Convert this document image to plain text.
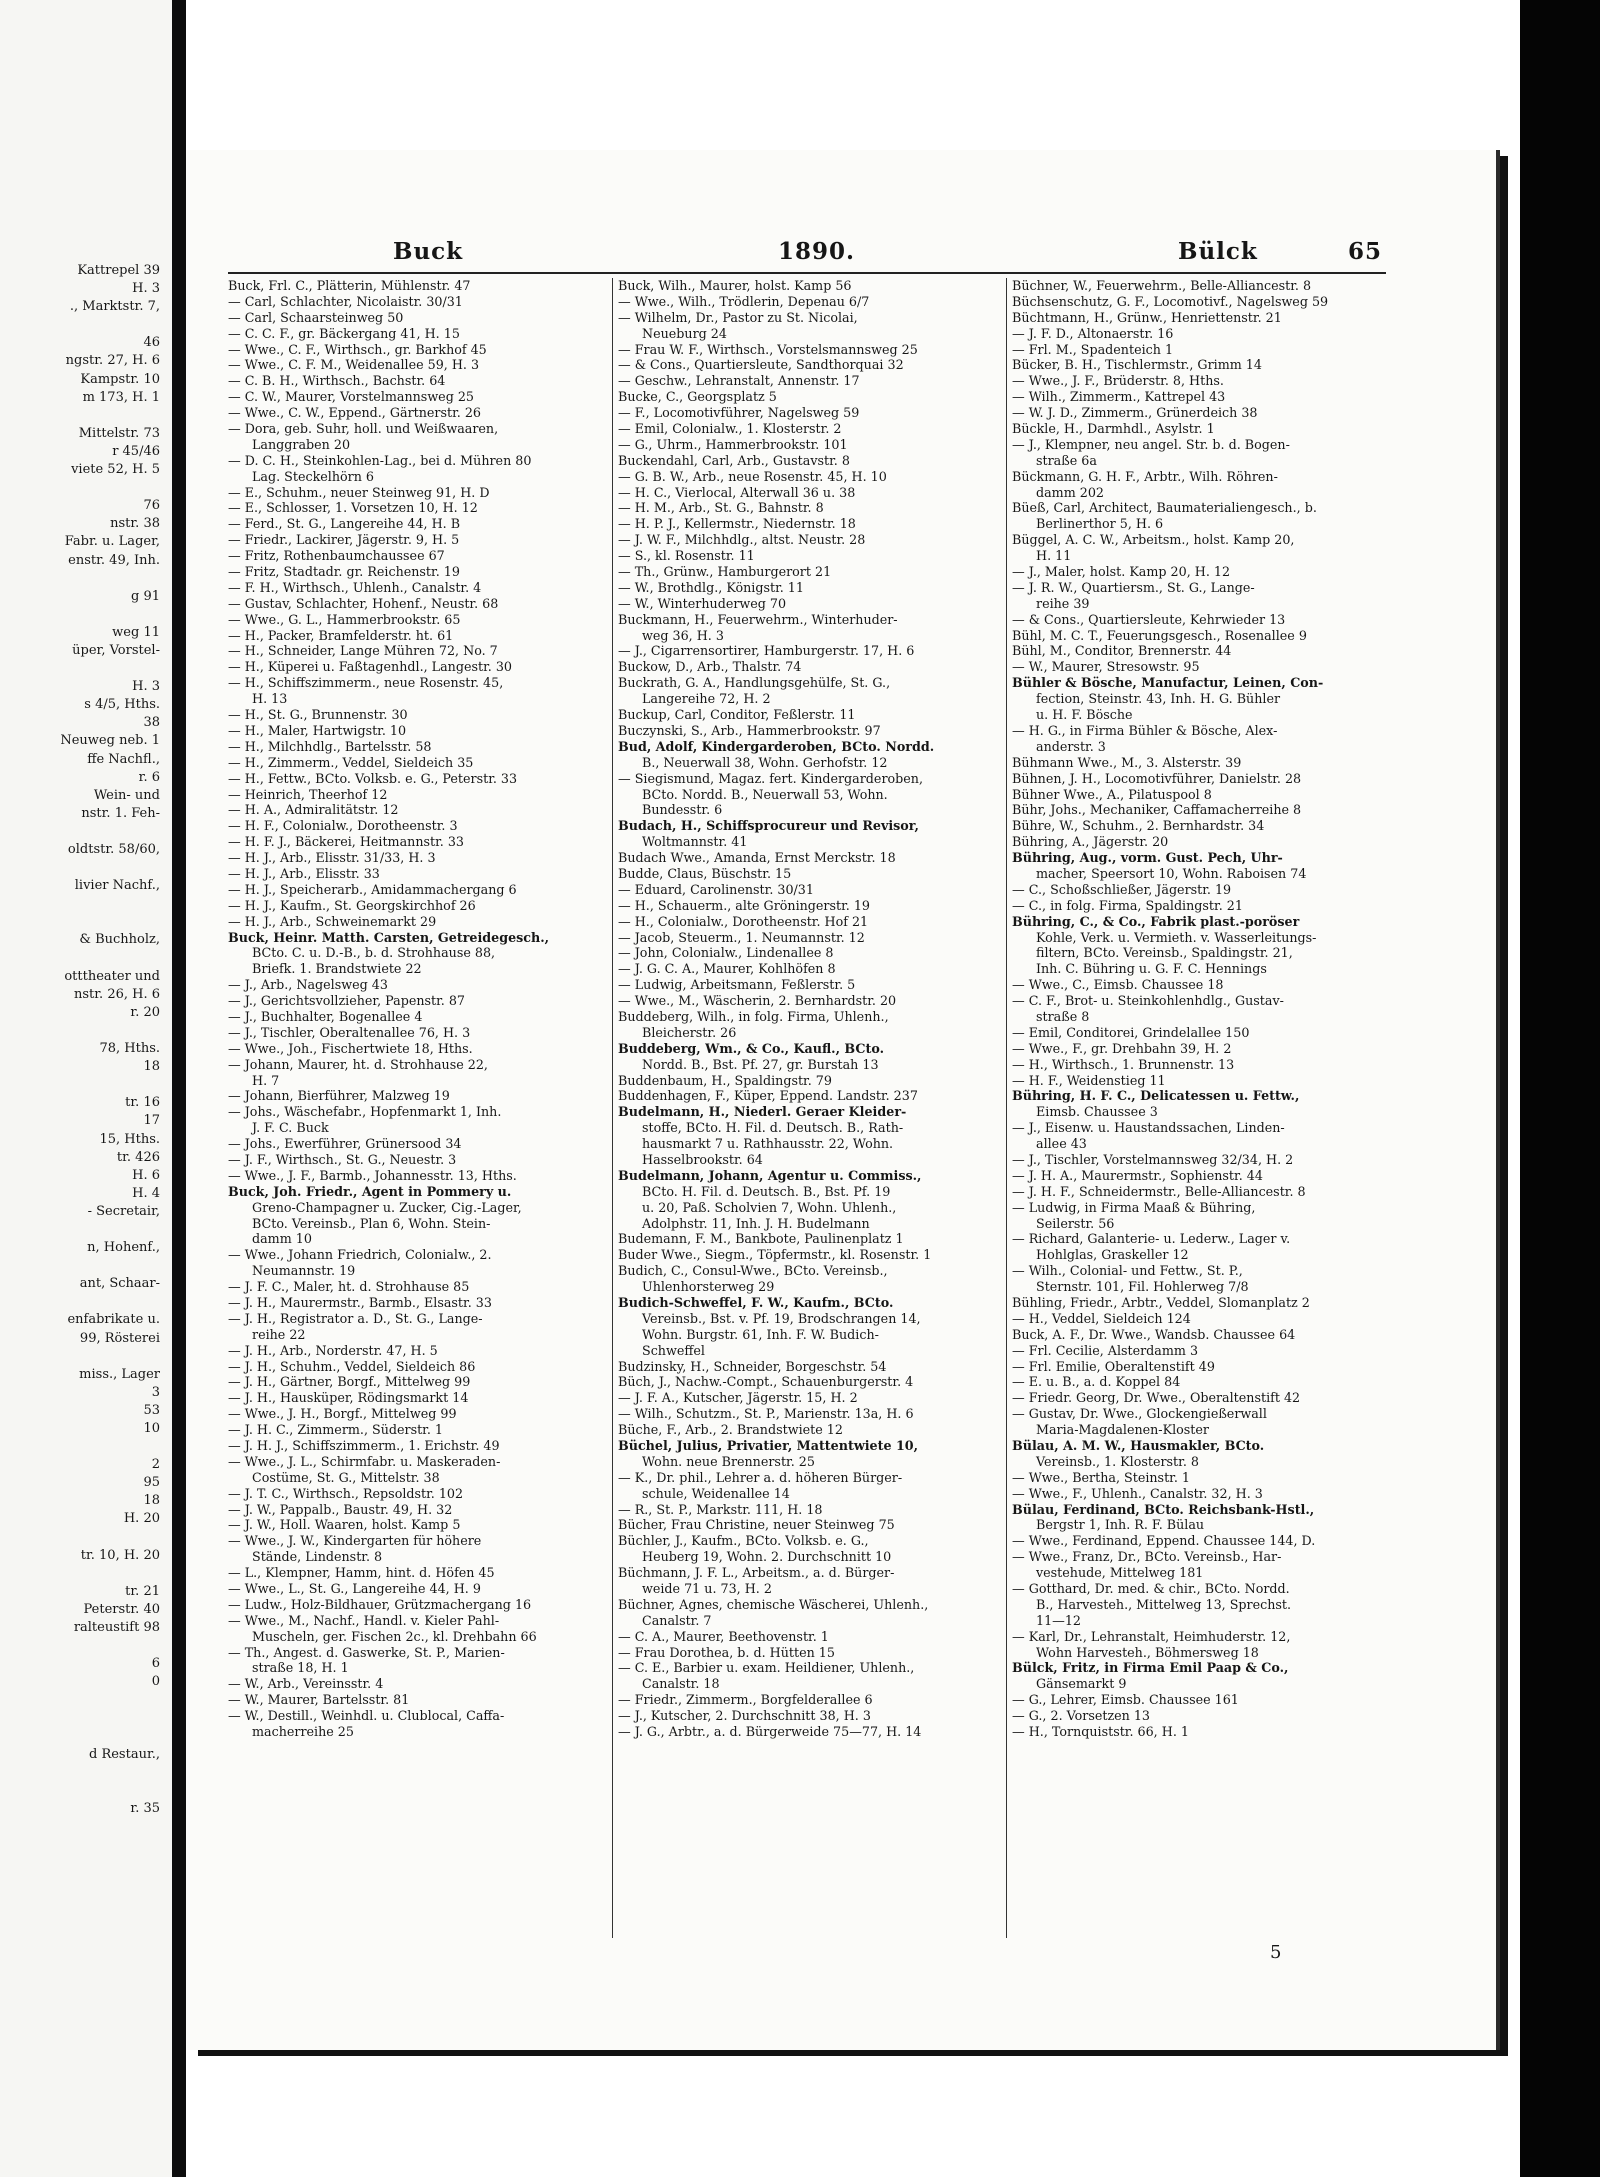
Kattrepel 39
H. 3
., Marktstr. 7,
46
ngstr. 27, H. 6
Kampstr. 10
m 173, H. 1
Mittelstr. 73
r 45/46
viete 52, H. 5
76
nstr. 38
Fabr. u. Lager,
enstr. 49, Inh.
g 91
weg 11
üper, Vorstel-
H. 3
s 4/5, Hths.
38
Neuweg neb. 1
ffe Nachfl.,
r. 6
Wein- und
nstr. 1. Feh-
oldtstr. 58/60,
livier Nachf.,
& Buchholz,
otttheater und
nstr. 26, H. 6
r. 20
78, Hths.
18
tr. 16
17
15, Hths.
tr. 426
H. 6
H. 4
- Secretair,
n, Hohenf.,
ant, Schaar-
enfabrikate u.
99, Rösterei
miss., Lager
3
53
10
2
95
18
H. 20
tr. 10, H. 20
tr. 21
Peterstr. 40
ralteustift 98
6
0
d Restaur.,
r. 35
Buck	1890.	Bülck	65
Buck, Frl. C., Plätterin, Mühlenstr. 47
— Carl, Schlachter, Nicolaistr. 30/31
— Carl, Schaarsteinweg 50
— C. C. F., gr. Bäckergang 41, H. 15
— Wwe., C. F., Wirthsch., gr. Barkhof 45
— Wwe., C. F. M., Weidenallee 59, H. 3
— C. B. H., Wirthsch., Bachstr. 64
— C. W., Maurer, Vorstelmannsweg 25
— Wwe., C. W., Eppend., Gärtnerstr. 26
— Dora, geb. Suhr, holl. und Weißwaaren,
Langgraben 20
— D. C. H., Steinkohlen-Lag., bei d. Mühren 80
Lag. Steckelhörn 6
— E., Schuhm., neuer Steinweg 91, H. D
— E., Schlosser, 1. Vorsetzen 10, H. 12
— Ferd., St. G., Langereihe 44, H. B
— Friedr., Lackirer, Jägerstr. 9, H. 5
— Fritz, Rothenbaumchaussee 67
— Fritz, Stadtadr. gr. Reichenstr. 19
— F. H., Wirthsch., Uhlenh., Canalstr. 4
— Gustav, Schlachter, Hohenf., Neustr. 68
— Wwe., G. L., Hammerbrookstr. 65
— H., Packer, Bramfelderstr. ht. 61
— H., Schneider, Lange Mühren 72, No. 7
— H., Küperei u. Faßtagenhdl., Langestr. 30
— H., Schiffszimmerm., neue Rosenstr. 45,
H. 13
— H., St. G., Brunnenstr. 30
— H., Maler, Hartwigstr. 10
— H., Milchhdlg., Bartelsstr. 58
— H., Zimmerm., Veddel, Sieldeich 35
— H., Fettw., BCto. Volksb. e. G., Peterstr. 33
— Heinrich, Theerhof 12
— H. A., Admiralitätstr. 12
— H. F., Colonialw., Dorotheenstr. 3
— H. F. J., Bäckerei, Heitmannstr. 33
— H. J., Arb., Elisstr. 31/33, H. 3
— H. J., Arb., Elisstr. 33
— H. J., Speicherarb., Amidammachergang 6
— H. J., Kaufm., St. Georgskirchhof 26
— H. J., Arb., Schweinemarkt 29
Buck, Heinr. Matth. Carsten, Getreidegesch.,
BCto. C. u. D.-B., b. d. Strohhause 88,
Briefk. 1. Brandstwiete 22
— J., Arb., Nagelsweg 43
— J., Gerichtsvollzieher, Papenstr. 87
— J., Buchhalter, Bogenallee 4
— J., Tischler, Oberaltenallee 76, H. 3
— Wwe., Joh., Fischertwiete 18, Hths.
— Johann, Maurer, ht. d. Strohhause 22,
H. 7
— Johann, Bierführer, Malzweg 19
— Johs., Wäschefabr., Hopfenmarkt 1, Inh.
J. F. C. Buck
— Johs., Ewerführer, Grünersood 34
— J. F., Wirthsch., St. G., Neuestr. 3
— Wwe., J. F., Barmb., Johannesstr. 13, Hths.
Buck, Joh. Friedr., Agent in Pommery u.
Greno-Champagner u. Zucker, Cig.-Lager,
BCto. Vereinsb., Plan 6, Wohn. Stein-
damm 10
— Wwe., Johann Friedrich, Colonialw., 2.
Neumannstr. 19
— J. F. C., Maler, ht. d. Strohhause 85
— J. H., Maurermstr., Barmb., Elsastr. 33
— J. H., Registrator a. D., St. G., Lange-
reihe 22
— J. H., Arb., Norderstr. 47, H. 5
— J. H., Schuhm., Veddel, Sieldeich 86
— J. H., Gärtner, Borgf., Mittelweg 99
— J. H., Hausküper, Rödingsmarkt 14
— Wwe., J. H., Borgf., Mittelweg 99
— J. H. C., Zimmerm., Süderstr. 1
— J. H. J., Schiffszimmerm., 1. Erichstr. 49
— Wwe., J. L., Schirmfabr. u. Maskeraden-
Costüme, St. G., Mittelstr. 38
— J. T. C., Wirthsch., Repsoldstr. 102
— J. W., Pappalb., Baustr. 49, H. 32
— J. W., Holl. Waaren, holst. Kamp 5
— Wwe., J. W., Kindergarten für höhere
Stände, Lindenstr. 8
— L., Klempner, Hamm, hint. d. Höfen 45
— Wwe., L., St. G., Langereihe 44, H. 9
— Ludw., Holz-Bildhauer, Grützmachergang 16
— Wwe., M., Nachf., Handl. v. Kieler Pahl-
Muscheln, ger. Fischen 2c., kl. Drehbahn 66
— Th., Angest. d. Gaswerke, St. P., Marien-
straße 18, H. 1
— W., Arb., Vereinsstr. 4
— W., Maurer, Bartelsstr. 81
— W., Destill., Weinhdl. u. Clublocal, Caffa-
macherreihe 25
Buck, Wilh., Maurer, holst. Kamp 56
— Wwe., Wilh., Trödlerin, Depenau 6/7
— Wilhelm, Dr., Pastor zu St. Nicolai,
Neueburg 24
— Frau W. F., Wirthsch., Vorstelsmannsweg 25
— & Cons., Quartiersleute, Sandthorquai 32
— Geschw., Lehranstalt, Annenstr. 17
Bucke, C., Georgsplatz 5
— F., Locomotivführer, Nagelsweg 59
— Emil, Colonialw., 1. Klosterstr. 2
— G., Uhrm., Hammerbrookstr. 101
Buckendahl, Carl, Arb., Gustavstr. 8
— G. B. W., Arb., neue Rosenstr. 45, H. 10
— H. C., Vierlocal, Alterwall 36 u. 38
— H. M., Arb., St. G., Bahnstr. 8
— H. P. J., Kellermstr., Niedernstr. 18
— J. W. F., Milchhdlg., altst. Neustr. 28
— S., kl. Rosenstr. 11
— Th., Grünw., Hamburgerort 21
— W., Brothdlg., Königstr. 11
— W., Winterhuderweg 70
Buckmann, H., Feuerwehrm., Winterhuder-
weg 36, H. 3
— J., Cigarrensortirer, Hamburgerstr. 17, H. 6
Buckow, D., Arb., Thalstr. 74
Buckrath, G. A., Handlungsgehülfe, St. G.,
Langereihe 72, H. 2
Buckup, Carl, Conditor, Feßlerstr. 11
Buczynski, S., Arb., Hammerbrookstr. 97
Bud, Adolf, Kindergarderoben, BCto. Nordd.
B., Neuerwall 38, Wohn. Gerhofstr. 12
— Siegismund, Magaz. fert. Kindergarderoben,
BCto. Nordd. B., Neuerwall 53, Wohn.
Bundesstr. 6
Budach, H., Schiffsprocureur und Revisor,
Woltmannstr. 41
Budach Wwe., Amanda, Ernst Merckstr. 18
Budde, Claus, Büschstr. 15
— Eduard, Carolinenstr. 30/31
— H., Schauerm., alte Gröningerstr. 19
— H., Colonialw., Dorotheenstr. Hof 21
— Jacob, Steuerm., 1. Neumannstr. 12
— John, Colonialw., Lindenallee 8
— J. G. C. A., Maurer, Kohlhöfen 8
— Ludwig, Arbeitsmann, Feßlerstr. 5
— Wwe., M., Wäscherin, 2. Bernhardstr. 20
Buddeberg, Wilh., in folg. Firma, Uhlenh.,
Bleicherstr. 26
Buddeberg, Wm., & Co., Kaufl., BCto.
Nordd. B., Bst. Pf. 27, gr. Burstah 13
Buddenbaum, H., Spaldingstr. 79
Buddenhagen, F., Küper, Eppend. Landstr. 237
Budelmann, H., Niederl. Geraer Kleider-
stoffe, BCto. H. Fil. d. Deutsch. B., Rath-
hausmarkt 7 u. Rathhausstr. 22, Wohn.
Hasselbrookstr. 64
Budelmann, Johann, Agentur u. Commiss.,
BCto. H. Fil. d. Deutsch. B., Bst. Pf. 19
u. 20, Paß. Scholvien 7, Wohn. Uhlenh.,
Adolphstr. 11, Inh. J. H. Budelmann
Budemann, F. M., Bankbote, Paulinenplatz 1
Buder Wwe., Siegm., Töpfermstr., kl. Rosenstr. 1
Budich, C., Consul-Wwe., BCto. Vereinsb.,
Uhlenhorsterweg 29
Budich-Schweffel, F. W., Kaufm., BCto.
Vereinsb., Bst. v. Pf. 19, Brodschrangen 14,
Wohn. Burgstr. 61, Inh. F. W. Budich-
Schweffel
Budzinsky, H., Schneider, Borgeschstr. 54
Büch, J., Nachw.-Compt., Schauenburgerstr. 4
— J. F. A., Kutscher, Jägerstr. 15, H. 2
— Wilh., Schutzm., St. P., Marienstr. 13a, H. 6
Büche, F., Arb., 2. Brandstwiete 12
Büchel, Julius, Privatier, Mattentwiete 10,
Wohn. neue Brennerstr. 25
— K., Dr. phil., Lehrer a. d. höheren Bürger-
schule, Weidenallee 14
— R., St. P., Markstr. 111, H. 18
Bücher, Frau Christine, neuer Steinweg 75
Büchler, J., Kaufm., BCto. Volksb. e. G.,
Heuberg 19, Wohn. 2. Durchschnitt 10
Büchmann, J. F. L., Arbeitsm., a. d. Bürger-
weide 71 u. 73, H. 2
Büchner, Agnes, chemische Wäscherei, Uhlenh.,
Canalstr. 7
— C. A., Maurer, Beethovenstr. 1
— Frau Dorothea, b. d. Hütten 15
— C. E., Barbier u. exam. Heildiener, Uhlenh.,
Canalstr. 18
— Friedr., Zimmerm., Borgfelderallee 6
— J., Kutscher, 2. Durchschnitt 38, H. 3
— J. G., Arbtr., a. d. Bürgerweide 75—77, H. 14
Büchner, W., Feuerwehrm., Belle-Alliancestr. 8
Büchsenschutz, G. F., Locomotivf., Nagelsweg 59
Büchtmann, H., Grünw., Henriettenstr. 21
— J. F. D., Altonaerstr. 16
— Frl. M., Spadenteich 1
Bücker, B. H., Tischlermstr., Grimm 14
— Wwe., J. F., Brüderstr. 8, Hths.
— Wilh., Zimmerm., Kattrepel 43
— W. J. D., Zimmerm., Grünerdeich 38
Bückle, H., Darmhdl., Asylstr. 1
— J., Klempner, neu angel. Str. b. d. Bogen-
straße 6a
Bückmann, G. H. F., Arbtr., Wilh. Röhren-
damm 202
Büeß, Carl, Architect, Baumaterialiengesch., b.
Berlinerthor 5, H. 6
Büggel, A. C. W., Arbeitsm., holst. Kamp 20,
H. 11
— J., Maler, holst. Kamp 20, H. 12
— J. R. W., Quartiersm., St. G., Lange-
reihe 39
— & Cons., Quartiersleute, Kehrwieder 13
Bühl, M. C. T., Feuerungsgesch., Rosenallee 9
Bühl, M., Conditor, Brennerstr. 44
— W., Maurer, Stresowstr. 95
Bühler & Bösche, Manufactur, Leinen, Con-
fection, Steinstr. 43, Inh. H. G. Bühler
u. H. F. Bösche
— H. G., in Firma Bühler & Bösche, Alex-
anderstr. 3
Bühmann Wwe., M., 3. Alsterstr. 39
Bühnen, J. H., Locomotivführer, Danielstr. 28
Bühner Wwe., A., Pilatuspool 8
Bühr, Johs., Mechaniker, Caffamacherreihe 8
Bühre, W., Schuhm., 2. Bernhardstr. 34
Bühring, A., Jägerstr. 20
Bühring, Aug., vorm. Gust. Pech, Uhr-
macher, Speersort 10, Wohn. Raboisen 74
— C., Schoßschließer, Jägerstr. 19
— C., in folg. Firma, Spaldingstr. 21
Bühring, C., & Co., Fabrik plast.-poröser
Kohle, Verk. u. Vermieth. v. Wasserleitungs-
filtern, BCto. Vereinsb., Spaldingstr. 21,
Inh. C. Bühring u. G. F. C. Hennings
— Wwe., C., Eimsb. Chaussee 18
— C. F., Brot- u. Steinkohlenhdlg., Gustav-
straße 8
— Emil, Conditorei, Grindelallee 150
— Wwe., F., gr. Drehbahn 39, H. 2
— H., Wirthsch., 1. Brunnenstr. 13
— H. F., Weidenstieg 11
Bühring, H. F. C., Delicatessen u. Fettw.,
Eimsb. Chaussee 3
— J., Eisenw. u. Haustandssachen, Linden-
allee 43
— J., Tischler, Vorstelmannsweg 32/34, H. 2
— J. H. A., Maurermstr., Sophienstr. 44
— J. H. F., Schneidermstr., Belle-Alliancestr. 8
— Ludwig, in Firma Maaß & Bühring,
Seilerstr. 56
— Richard, Galanterie- u. Lederw., Lager v.
Hohlglas, Graskeller 12
— Wilh., Colonial- und Fettw., St. P.,
Sternstr. 101, Fil. Hohlerweg 7/8
Bühling, Friedr., Arbtr., Veddel, Slomanplatz 2
— H., Veddel, Sieldeich 124
Buck, A. F., Dr. Wwe., Wandsb. Chaussee 64
— Frl. Cecilie, Alsterdamm 3
— Frl. Emilie, Oberaltenstift 49
— E. u. B., a. d. Koppel 84
— Friedr. Georg, Dr. Wwe., Oberaltenstift 42
— Gustav, Dr. Wwe., Glockengießerwall
Maria-Magdalenen-Kloster
Bülau, A. M. W., Hausmakler, BCto.
Vereinsb., 1. Klosterstr. 8
— Wwe., Bertha, Steinstr. 1
— Wwe., F., Uhlenh., Canalstr. 32, H. 3
Bülau, Ferdinand, BCto. Reichsbank-Hstl.,
Bergstr 1, Inh. R. F. Bülau
— Wwe., Ferdinand, Eppend. Chaussee 144, D.
— Wwe., Franz, Dr., BCto. Vereinsb., Har-
vestehude, Mittelweg 181
— Gotthard, Dr. med. & chir., BCto. Nordd.
B., Harvesteh., Mittelweg 13, Sprechst.
11—12
— Karl, Dr., Lehranstalt, Heimhuderstr. 12,
Wohn Harvesteh., Böhmersweg 18
Bülck, Fritz, in Firma Emil Paap & Co.,
Gänsemarkt 9
— G., Lehrer, Eimsb. Chaussee 161
— G., 2. Vorsetzen 13
— H., Tornquiststr. 66, H. 1
5
